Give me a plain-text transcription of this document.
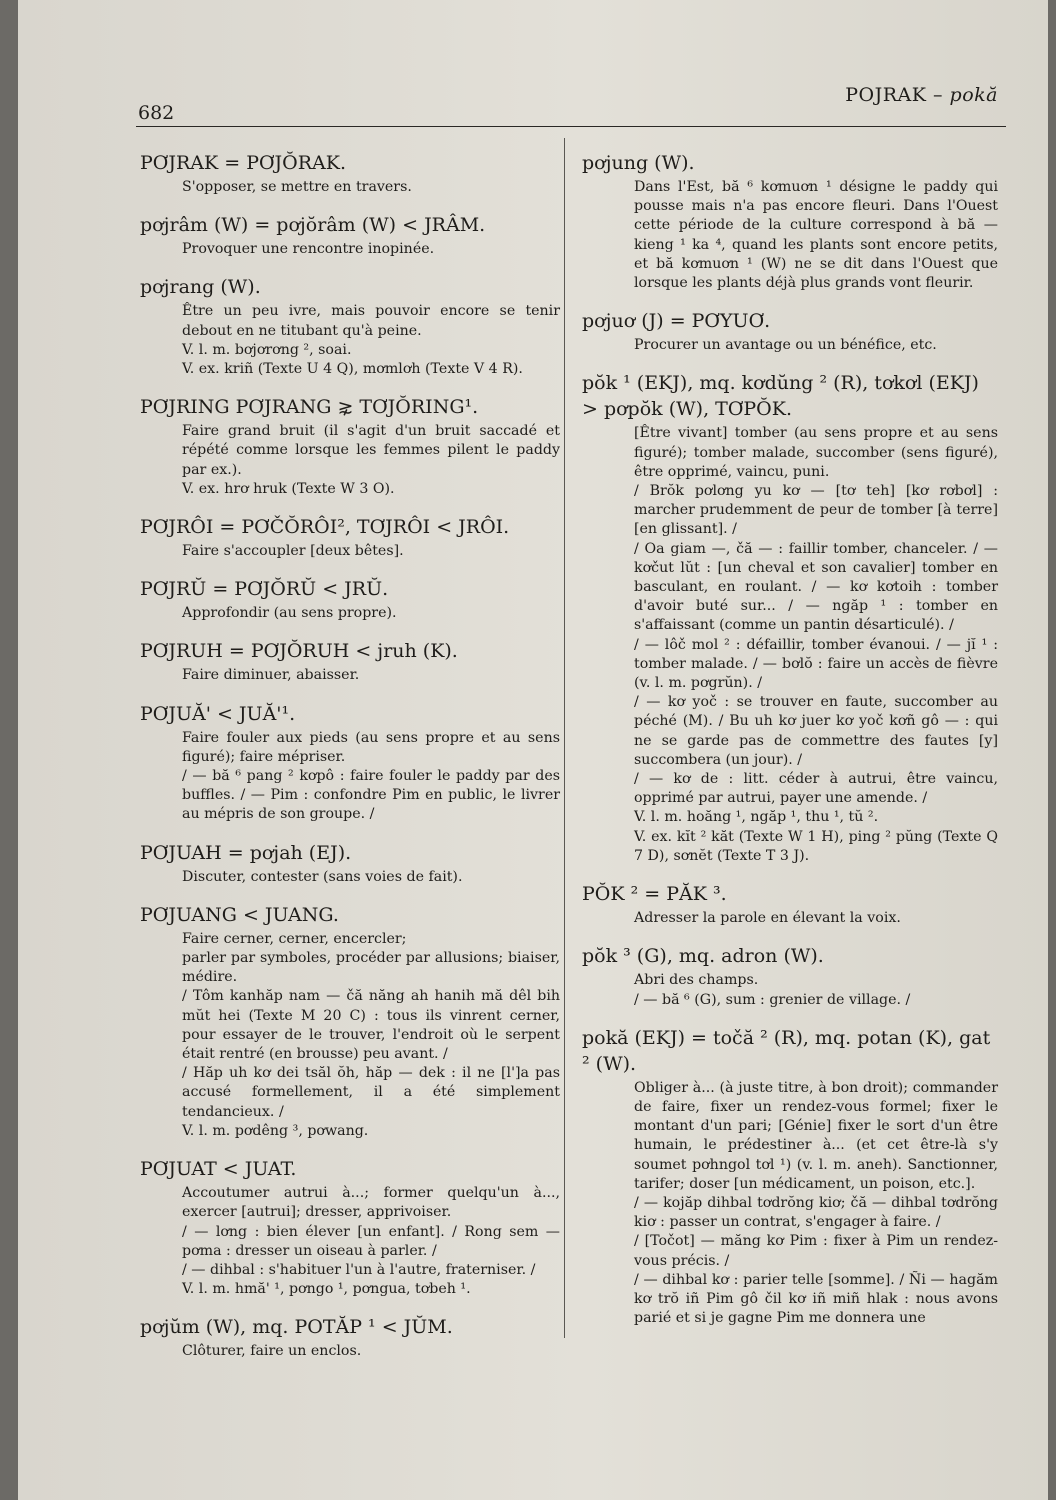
682
POJRAK – pokă
PƠJRAK = PƠJŎRAK.

S'opposer, se mettre en travers.

pơjrâm (W) = pơjŏrâm (W) < JRÂM.

Provoquer une rencontre inopinée.

pơjrang (W).

Être un peu ivre, mais pouvoir encore se tenir debout en ne titubant qu'à peine.

V. l. m. bơjơrơng ², soai.

V. ex. kriñ (Texte U 4 Q), mơmlơh (Texte V 4 R).

PƠJRING PƠJRANG ⋧ TƠJŎRING¹.

Faire grand bruit (il s'agit d'un bruit saccadé et répété comme lorsque les femmes pilent le paddy par ex.).

V. ex. hrơ hruk (Texte W 3 O).

PƠJRÔI = PƠČŎRÔI², TƠJRÔI < JRÔI.

Faire s'accoupler [deux bêtes].

PƠJRŬ = PƠJŎRŬ < JRŬ.

Approfondir (au sens propre).

PƠJRUH = PƠJŎRUH < jruh (K).

Faire diminuer, abaisser.

PƠJUĂ' < JUĂ'¹.

Faire fouler aux pieds (au sens propre et au sens figuré); faire mépriser.

/ — bă ⁶ pang ² kơpô : faire fouler le paddy par des buffles. / — Pim : confondre Pim en public, le livrer au mépris de son groupe. /

PƠJUAH = pơjah (EJ).

Discuter, contester (sans voies de fait).

PƠJUANG < JUANG.

Faire cerner, cerner, encercler;

parler par symboles, procéder par allusions; biaiser, médire.

/ Tôm kanhăp nam — čă năng ah hanih mă dêl bih mŭt hei (Texte M 20 C) : tous ils vinrent cerner, pour essayer de le trouver, l'endroit où le serpent était rentré (en brousse) peu avant. /

/ Hăp uh kơ dei tsăl ŏh, hăp — dek : il ne [l']a pas accusé formellement, il a été simplement tendancieux. /

V. l. m. pơdêng ³, pơwang.

PƠJUAT < JUAT.

Accoutumer autrui à...; former quelqu'un à..., exercer [autrui]; dresser, apprivoiser.

/ — lơng : bien élever [un enfant]. / Rong sem — pơma : dresser un oiseau à parler. /

/ — dihbal : s'habituer l'un à l'autre, fraterniser. /

V. l. m. hmă' ¹, pơngo ¹, pơngua, tơbeh ¹.

pơjŭm (W), mq. POTĂP ¹ < JŬM.

Clôturer, faire un enclos.

pơjung (W).

Dans l'Est, bă ⁶ kơmuơn ¹ désigne le paddy qui pousse mais n'a pas encore fleuri. Dans l'Ouest cette période de la culture correspond à bă — kieng ¹ ka ⁴, quand les plants sont encore petits, et bă kơmuơn ¹ (W) ne se dit dans l'Ouest que lorsque les plants déjà plus grands vont fleurir.

pơjuơ (J) = PƠYUƠ.

Procurer un avantage ou un bénéfice, etc.

pŏk ¹ (EKJ), mq. kơdŭng ² (R), tơkơl (EKJ) > pơpŏk (W), TƠPŎK.

[Être vivant] tomber (au sens propre et au sens figuré); tomber malade, succomber (sens figuré), être opprimé, vaincu, puni.

/ Brŏk pơlơng yu kơ — [tơ teh] [kơ rơbơl] : marcher prudemment de peur de tomber [à terre] [en glissant]. /

/ Oa giam —, čă — : faillir tomber, chanceler. / — kơčut lŭt : [un cheval et son cavalier] tomber en basculant, en roulant. / — kơ kơtoih : tomber d'avoir buté sur... / — ngăp ¹ : tomber en s'affaissant (comme un pantin désarticulé). /

/ — lôč mol ² : défaillir, tomber évanoui. / — jĭ ¹ : tomber malade. / — bơlŏ : faire un accès de fièvre (v. l. m. pơgrŭn). /

/ — kơ yoč : se trouver en faute, succomber au péché (M). / Bu uh kơ juer kơ yoč kơñ gô — : qui ne se garde pas de commettre des fautes [y] succombera (un jour). /

/ — kơ de : litt. céder à autrui, être vaincu, opprimé par autrui, payer une amende. /

V. l. m. hoăng ¹, ngăp ¹, thu ¹, tŭ ².

V. ex. kĭt ² kăt (Texte W 1 H), ping ² pŭng (Texte Q 7 D), sơnĕt (Texte T 3 J).

PŎK ² = PĂK ³.

Adresser la parole en élevant la voix.

pŏk ³ (G), mq. adron (W).

Abri des champs.

/ — bă ⁶ (G), sum : grenier de village. /

pokă (EKJ) = točă ² (R), mq. potan (K), gat ² (W).

Obliger à... (à juste titre, à bon droit); commander de faire, fixer un rendez-vous formel; fixer le montant d'un pari; [Génie] fixer le sort d'un être humain, le prédestiner à... (et cet être-là s'y soumet pơhngol tơl ¹) (v. l. m. aneh). Sanctionner, tarifer; doser [un médicament, un poison, etc.].

/ — kojăp dihbal tơdrŏng kiơ; čă — dihbal tơdrŏng kiơ : passer un contrat, s'engager à faire. /

/ [Točot] — măng kơ Pim : fixer à Pim un rendez-vous précis. /

/ — dihbal kơ : parier telle [somme]. / Ñi — hagăm kơ trŏ iñ Pim gô čil kơ iñ miñ hlak : nous avons parié et si je gagne Pim me donnera une
